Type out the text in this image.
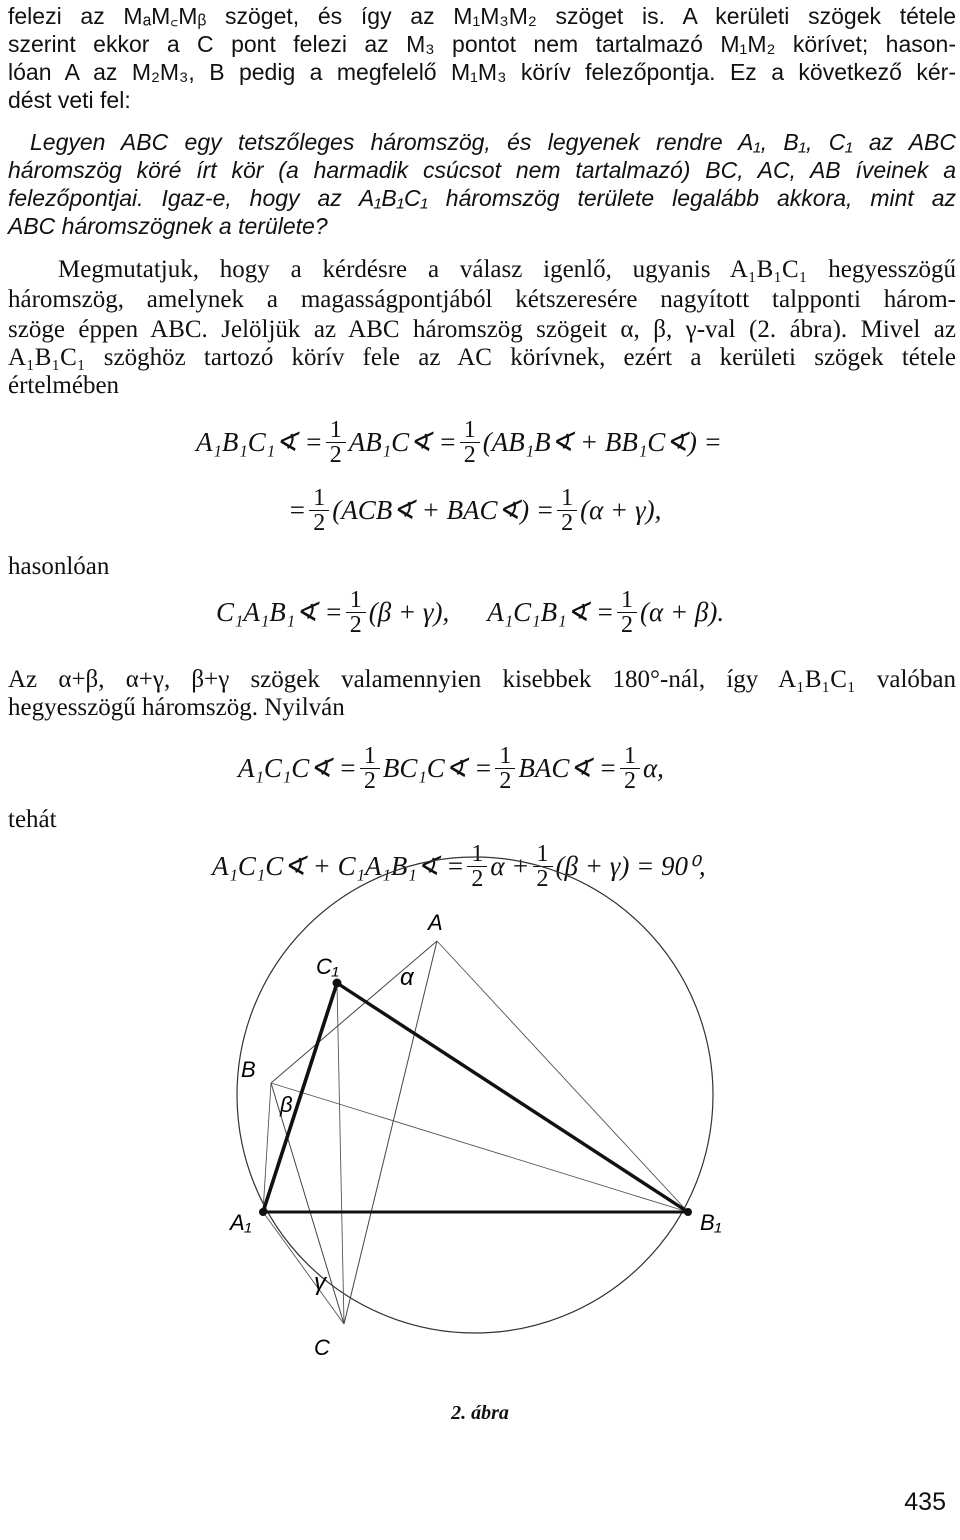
felezi az MₐM꜀Mᵦ szöget, és így az M₁M₃M₂ szöget is. A kerületi szögek tétele
szerint ekkor a C pont felezi az M₃ pontot nem tartalmazó M₁M₂ körívet; hason-
lóan A az M₂M₃, B pedig a megfelelő M₁M₃ körív felezőpontja. Ez a következő kér-
dést veti fel:
Legyen ABC egy tetszőleges háromszög, és legyenek rendre A₁, B₁, C₁ az ABC
háromszög köré írt kör (a harmadik csúcsot nem tartalmazó) BC, AC, AB íveinek a
felezőpontjai. Igaz-e, hogy az A₁B₁C₁ háromszög területe legalább akkora, mint az
ABC háromszögnek a területe?
Megmutatjuk, hogy a kérdésre a válasz igenlő, ugyanis A₁B₁C₁ hegyesszögű
háromszög, amelynek a magasságpontjából kétszeresére nagyított talpponti három-
szöge éppen ABC. Jelöljük az ABC háromszög szögeit α, β, γ-val (2. ábra). Mivel az
A₁B₁C₁ szöghöz tartozó körív fele az AC körívnek, ezért a kerületi szögek tétele
értelmében
A₁B₁C₁∢ = $\frac{1}{2}$ AB₁C∢ = $\frac{1}{2}$ (AB₁B∢ + BB₁C∢) =
= $\frac{1}{2}$ (ACB∢ + BAC∢) = $\frac{1}{2} (\alpha + \gamma)$,
hasonlóan
C₁A₁B₁∢ = $\frac{1}{2} (\beta + \gamma)$, A₁C₁B₁∢ = $\frac{1}{2} (\alpha + \beta)$.
Az α+β, α+γ, β+γ szögek valamennyien kisebbek 180°-nál, így A₁B₁C₁ valóban
hegyesszögű háromszög. Nyilván
A₁C₁C∢ = $\frac{1}{2}$ BC₁C∢ = $\frac{1}{2}$ BAC∢ = $\frac{1}{2} \alpha$,
tehát
A₁C₁C∢ + C₁A₁B₁∢ = $\frac{1}{2}$ $\alpha + \frac{1}{2} (\beta + \gamma) = 90^0$,
A
B
C
C₁
A₁	B₁
α
β
γ
2. ábra
435
